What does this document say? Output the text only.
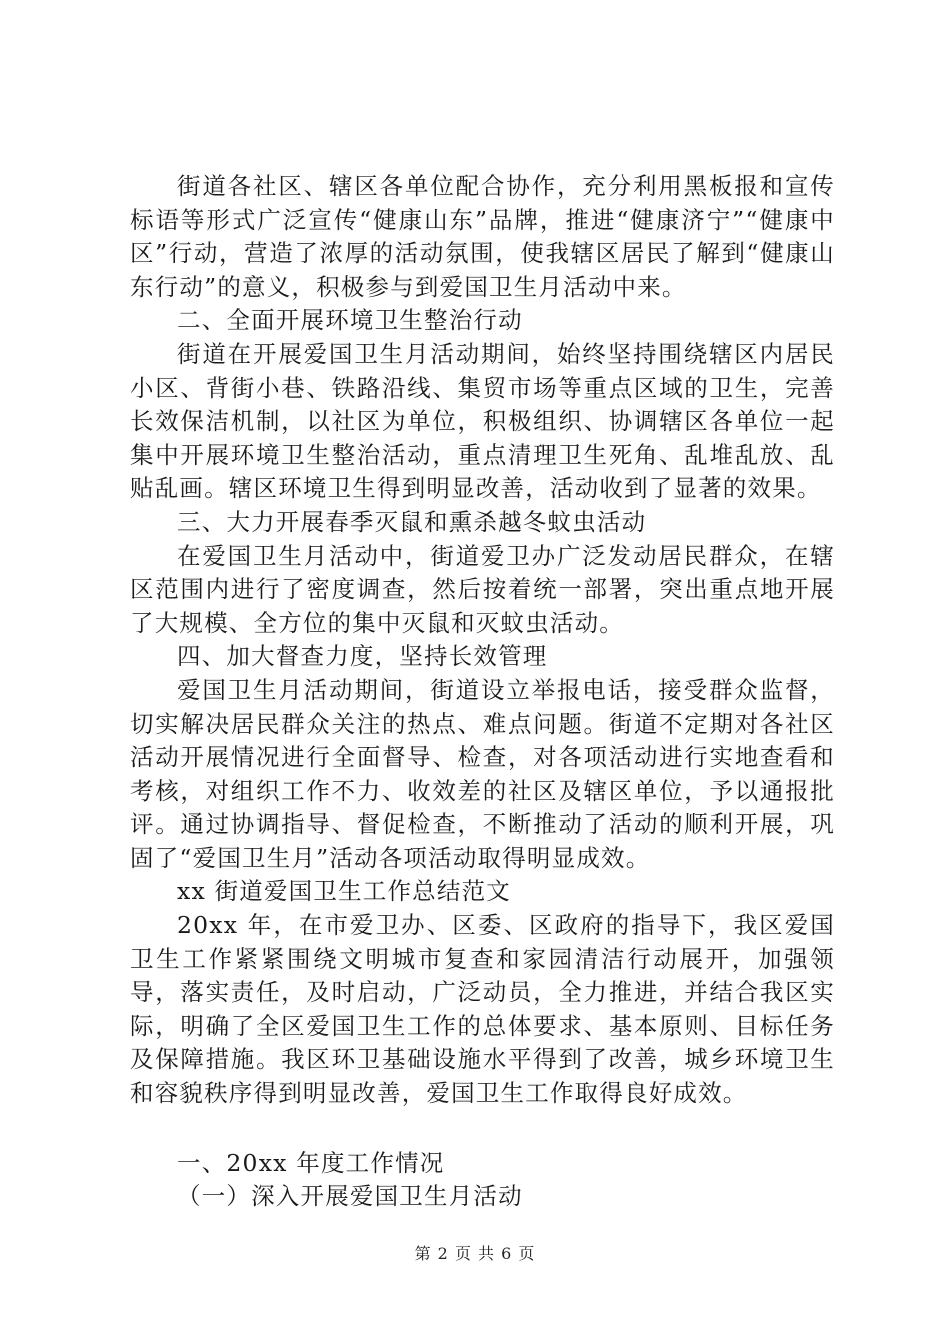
街道各社区、辖区各单位配合协作，充分利用黑板报和宣传标语等形式广泛宣传“健康山东”品牌，推进“健康济宁”“健康中区”行动，营造了浓厚的活动氛围，使我辖区居民了解到“健康山东行动”的意义，积极参与到爱国卫生月活动中来。

二、全面开展环境卫生整治行动

街道在开展爱国卫生月活动期间，始终坚持围绕辖区内居民小区、背街小巷、铁路沿线、集贸市场等重点区域的卫生，完善长效保洁机制，以社区为单位，积极组织、协调辖区各单位一起集中开展环境卫生整治活动，重点清理卫生死角、乱堆乱放、乱贴乱画。辖区环境卫生得到明显改善，活动收到了显著的效果。

三、大力开展春季灭鼠和熏杀越冬蚊虫活动

在爱国卫生月活动中，街道爱卫办广泛发动居民群众，在辖区范围内进行了密度调查，然后按着统一部署，突出重点地开展了大规模、全方位的集中灭鼠和灭蚊虫活动。

四、加大督查力度，坚持长效管理

爱国卫生月活动期间，街道设立举报电话，接受群众监督，切实解决居民群众关注的热点、难点问题。街道不定期对各社区活动开展情况进行全面督导、检查，对各项活动进行实地查看和考核，对组织工作不力、收效差的社区及辖区单位，予以通报批评。通过协调指导、督促检查，不断推动了活动的顺利开展，巩固了“爱国卫生月”活动各项活动取得明显成效。

xx 街道爱国卫生工作总结范文

20xx 年，在市爱卫办、区委、区政府的指导下，我区爱国卫生工作紧紧围绕文明城市复查和家园清洁行动展开，加强领导，落实责任，及时启动，广泛动员，全力推进，并结合我区实际，明确了全区爱国卫生工作的总体要求、基本原则、目标任务及保障措施。我区环卫基础设施水平得到了改善，城乡环境卫生和容貌秩序得到明显改善，爱国卫生工作取得良好成效。

一、20xx 年度工作情况

（一）深入开展爱国卫生月活动

第 2 页 共 6 页
